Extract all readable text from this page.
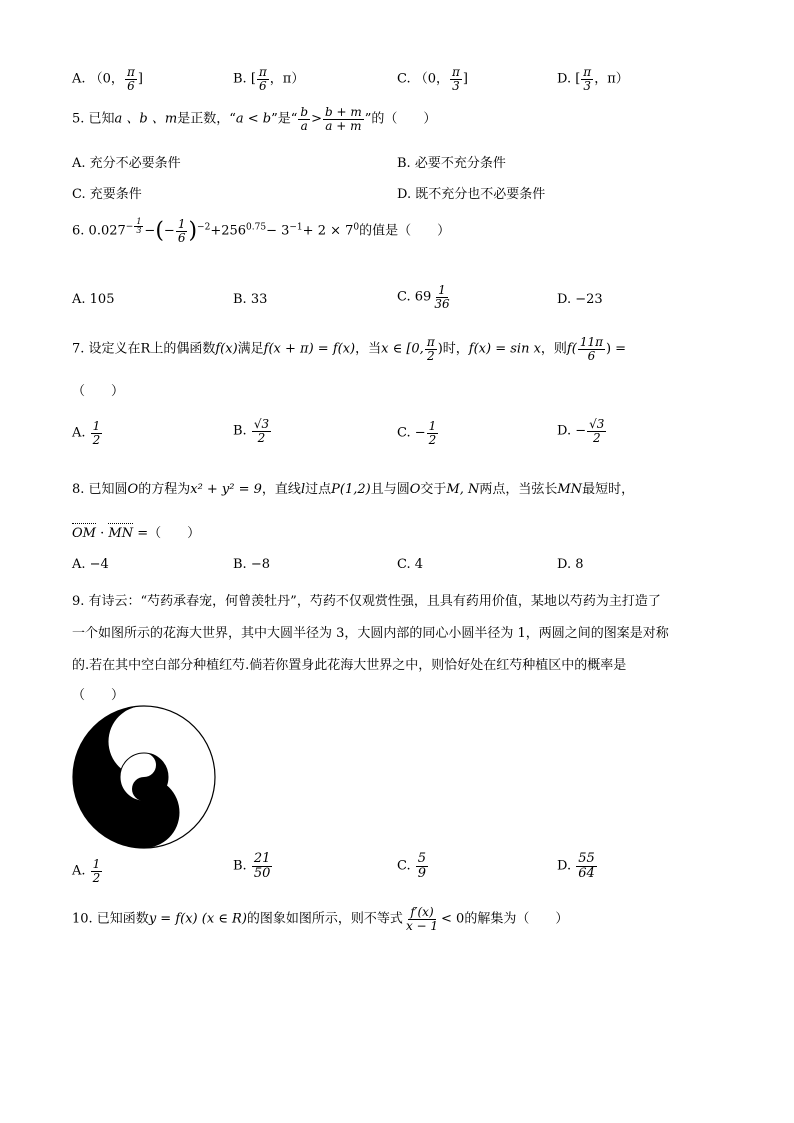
A. （0， $\frac{\pi}{6}$ ]	B. [ $\frac{\pi}{6}$ ，π）	C. （0， $\frac{\pi}{3}$ ]	D. [ $\frac{\pi}{3}$ ，π）
5. 已知a 、b 、m是正数，“a < b”是“ $\frac{b}{a} > \frac{b + m}{a + m}$ ”的（　　）
A. 充分不必要条件	B. 必要不充分条件
C. 充要条件	D. 既不充分也不必要条件
6. $0.027^{- \frac{1}{3}}$ −(− $\frac{1}{6} )^{-2}+256^{0.75}- 3^{-1}+ 2 \times 7^0$的值是（　　）
A. 105	B. 33	C. $69 \frac{1}{36}$	D. −23
7. 设定义在R上的偶函数f(x)满足f(x + π) = f(x)，当x ∈ [0, $\frac{\pi}{2}$ )时，f(x) = sin x，则$f( \frac{11\pi}{6}$ ) =
（　　）
A. $\frac{1}{2}$	B. $\frac{√3}{2}$	C. − $\frac{1}{2}$	D. − $\frac{√3}{2}$
8. 已知圆O的方程为x² + y² = 9，直线l过点P(1,2)且与圆O交于M, N两点，当弦长MN最短时，
OM · MN =（　　）
A. −4	B. −8	C. 4	D. 8
9. 有诗云：“芍药承春宠，何曾羡牡丹”，芍药不仅观赏性强，且具有药用价值，某地以芍药为主打造了
一个如图所示的花海大世界，其中大圆半径为 3，大圆内部的同心小圆半径为 1，两圆之间的图案是对称
的.若在其中空白部分种植红芍.倘若你置身此花海大世界之中，则恰好处在红芍种植区中的概率是
（　　）
A. $\frac{1}{2}$	B. $\frac{21}{50}$	C. $\frac{5}{9}$	D. $\frac{55}{64}$
10. 已知函数y = f(x) (x ∈ R)的图象如图所示，则不等式 $\frac{f'(x)}{x - 1} < 0$的解集为（　　）
